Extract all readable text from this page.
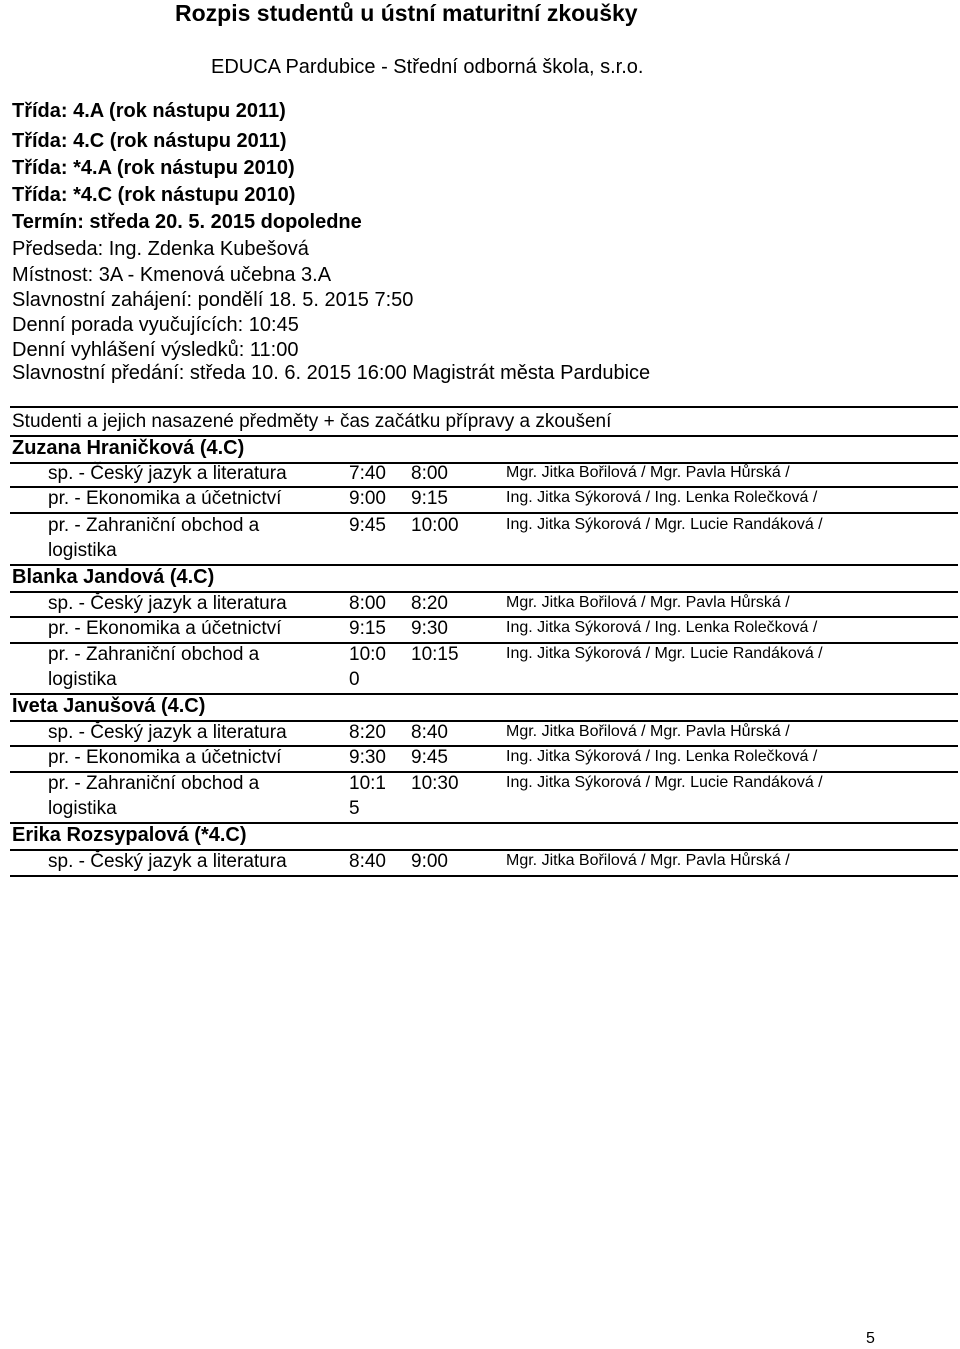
Rozpis studentů u ústní maturitní zkoušky
EDUCA Pardubice - Střední odborná škola, s.r.o.
Třída: 4.A (rok nástupu 2011)
Třída: 4.C (rok nástupu 2011)
Třída: *4.A (rok nástupu 2010)
Třída: *4.C (rok nástupu 2010)
Termín: středa 20. 5. 2015 dopoledne
Předseda: Ing. Zdenka Kubešová
Místnost: 3A - Kmenová učebna 3.A
Slavnostní zahájení: pondělí 18. 5. 2015 7:50
Denní porada vyučujících: 10:45
Denní vyhlášení výsledků: 11:00
Slavnostní předání: středa 10. 6. 2015 16:00 Magistrát města Pardubice
Studenti a jejich nasazené předměty + čas začátku přípravy a zkoušení
Zuzana Hraničková (4.C)
sp. - Český jazyk a literatura	7:40 8:00	Mgr. Jitka Bořilová / Mgr. Pavla Hůrská /
pr. - Ekonomika a účetnictví	9:00 9:15	Ing. Jitka Sýkorová / Ing. Lenka Rolečková /
pr. - Zahraniční obchod a	9:45 10:00	Ing. Jitka Sýkorová / Mgr. Lucie Randáková /
logistika
Blanka Jandová (4.C)
sp. - Český jazyk a literatura	8:00 8:20	Mgr. Jitka Bořilová / Mgr. Pavla Hůrská /
pr. - Ekonomika a účetnictví	9:15 9:30	Ing. Jitka Sýkorová / Ing. Lenka Rolečková /
pr. - Zahraniční obchod a	10:0 10:15	Ing. Jitka Sýkorová / Mgr. Lucie Randáková /
logistika	0
Iveta Janušová (4.C)
sp. - Český jazyk a literatura	8:20 8:40	Mgr. Jitka Bořilová / Mgr. Pavla Hůrská /
pr. - Ekonomika a účetnictví	9:30 9:45	Ing. Jitka Sýkorová / Ing. Lenka Rolečková /
pr. - Zahraniční obchod a	10:1 10:30	Ing. Jitka Sýkorová / Mgr. Lucie Randáková /
logistika	5
Erika Rozsypalová (*4.C)
sp. - Český jazyk a literatura	8:40 9:00	Mgr. Jitka Bořilová / Mgr. Pavla Hůrská /
5
